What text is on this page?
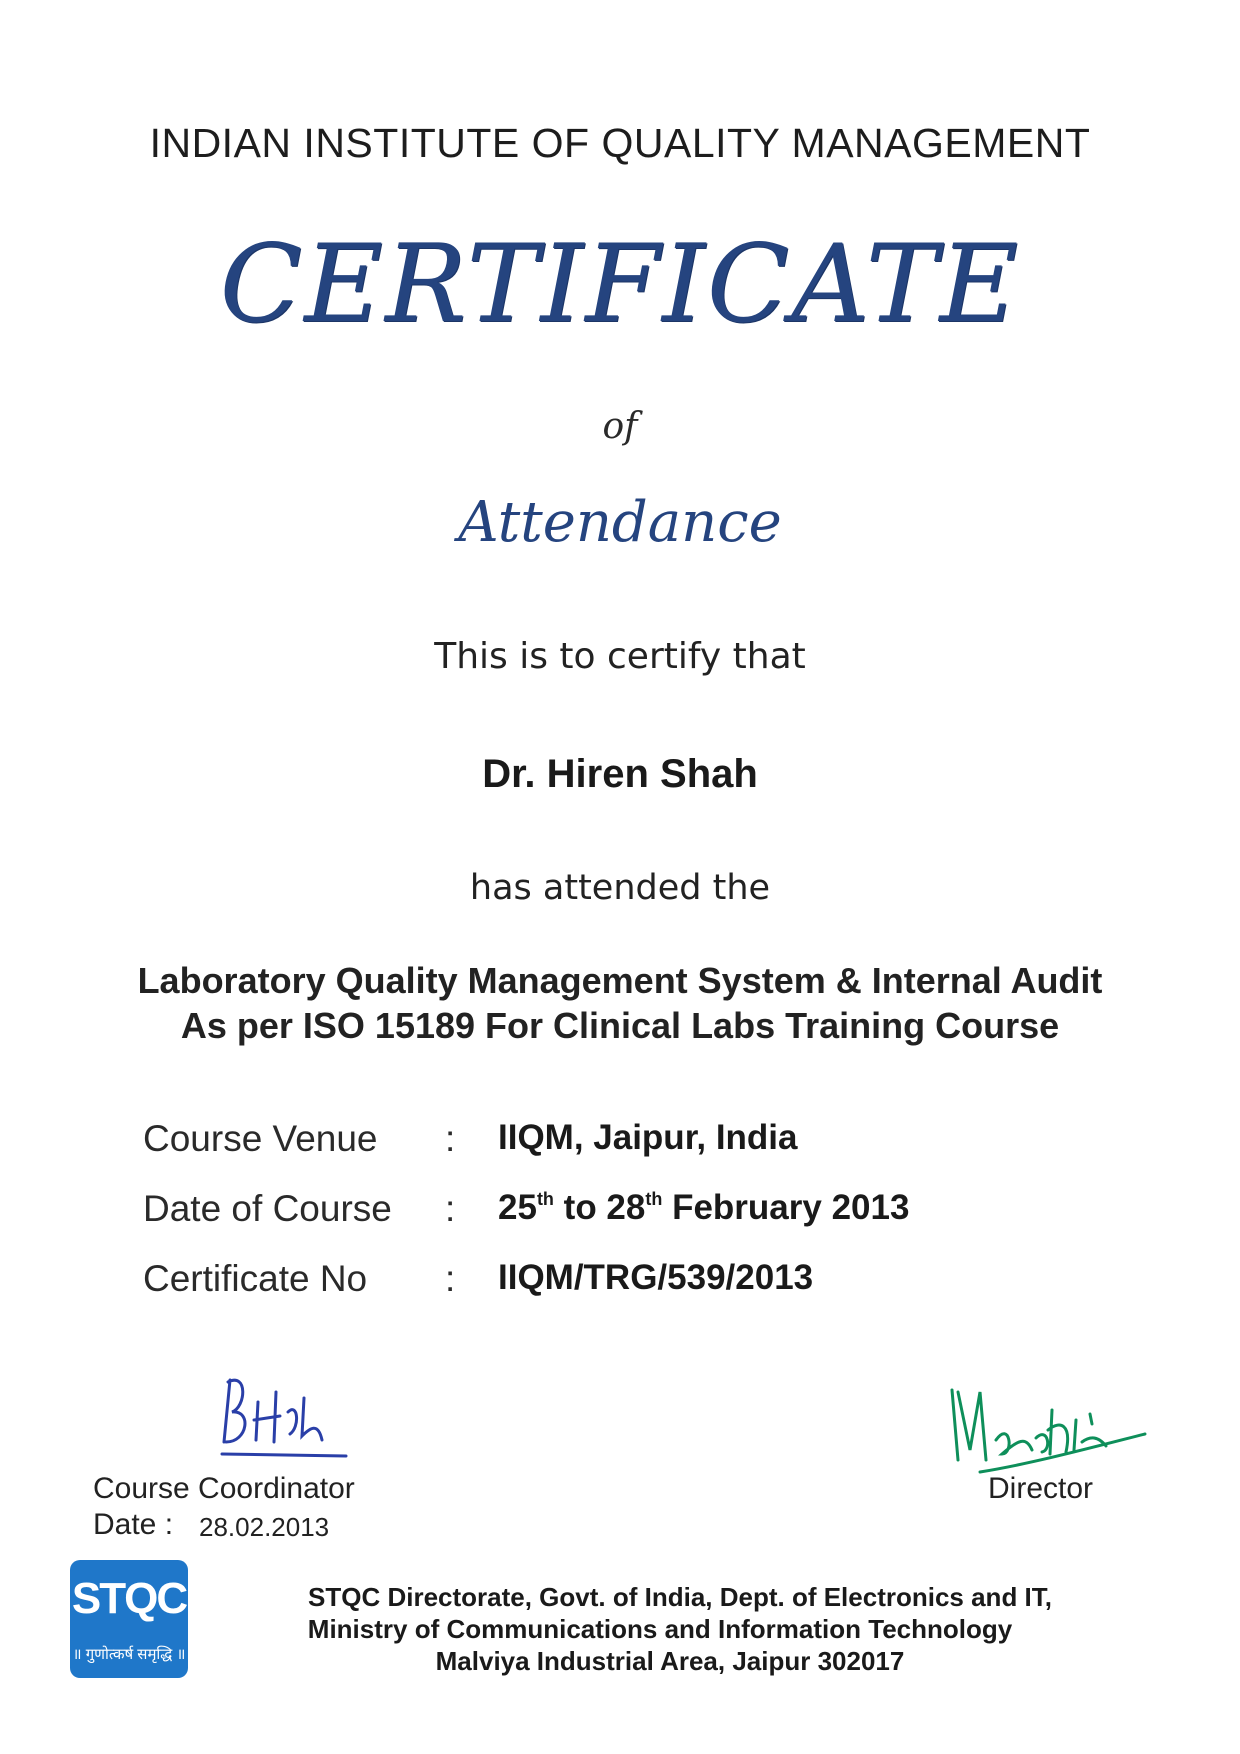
INDIAN INSTITUTE OF QUALITY MANAGEMENT
CERTIFICATE
of
Attendance
This is to certify that
Dr. Hiren Shah
has attended the
Laboratory Quality Management System & Internal Audit
As per ISO 15189 For Clinical Labs Training Course
Course Venue : IIQM, Jaipur, India
Date of Course : 25th to 28th February 2013
Certificate No : IIQM/TRG/539/2013
Course Coordinator
Date : 28.02.2013
Director
STQC
॥ गुणोत्कर्ष समृद्धि ॥
STQC Directorate, Govt. of India, Dept. of Electronics and IT,
Ministry of Communications and Information Technology
Malviya Industrial Area, Jaipur 302017
